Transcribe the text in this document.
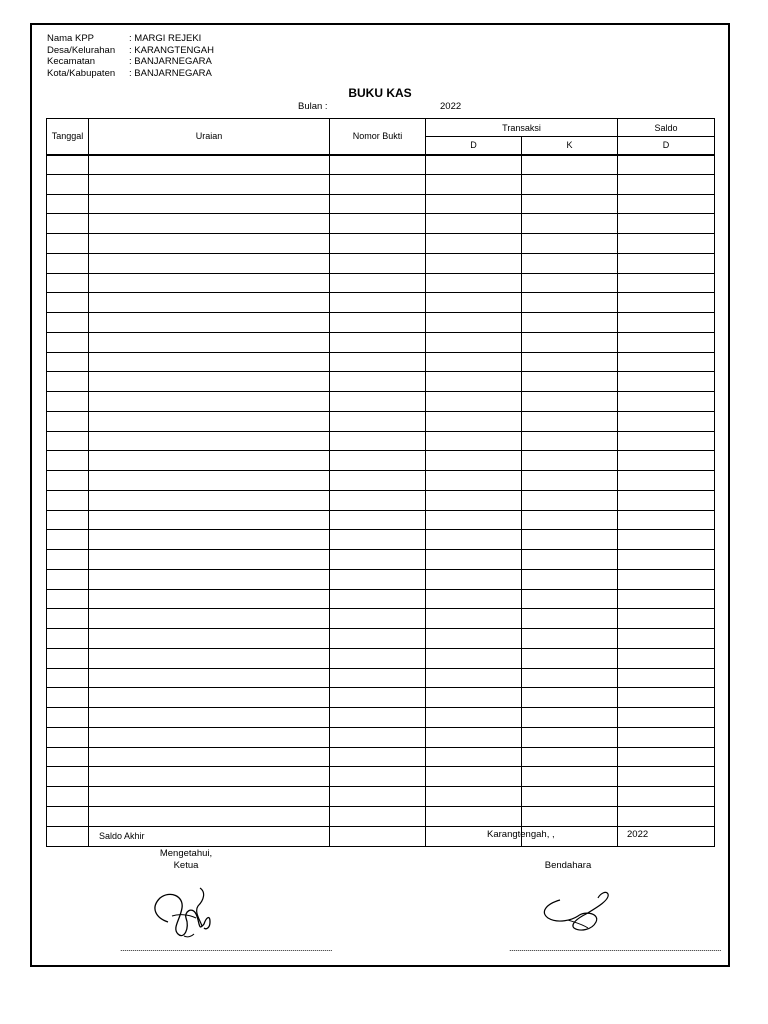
Nama KPP	: MARGI REJEKI
Desa/Kelurahan	: KARANGTENGAH
Kecamatan	: BANJARNEGARA
Kota/Kabupaten	: BANJARNEGARA
BUKU KAS
Bulan :	2022
Tanggal	Uraian	Nomor Bukti	Transaksi		Saldo
			D	K	D

	Saldo Akhir					Karangtengah, ,	2022
Mengetahui,
Ketua	Bendahara
..........................................................................................................	..........................................................................................................
